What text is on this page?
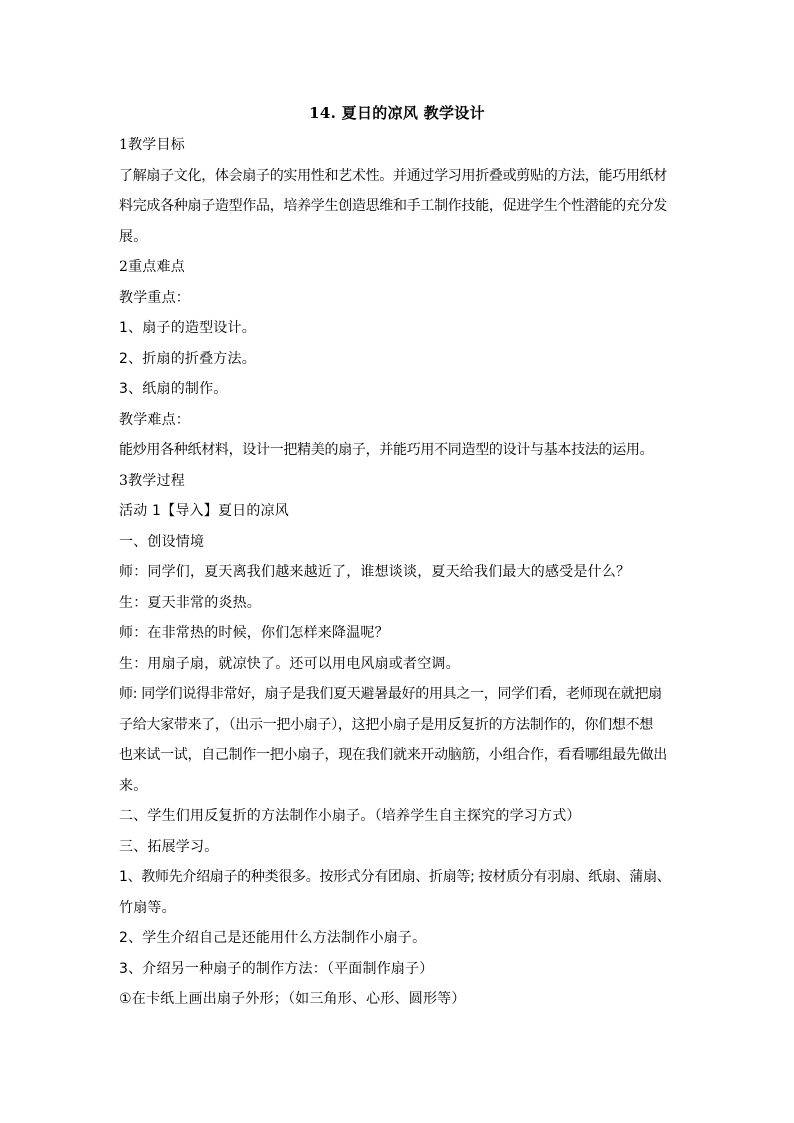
14. 夏日的凉风 教学设计
1教学目标
了解扇子文化，体会扇子的实用性和艺术性。并通过学习用折叠或剪贴的方法，能巧用纸材
料完成各种扇子造型作品，培养学生创造思维和手工制作技能，促进学生个性潜能的充分发
展。
2重点难点
教学重点：
1、扇子的造型设计。
2、折扇的折叠方法。
3、纸扇的制作。
教学难点：
能炒用各种纸材料，设计一把精美的扇子，并能巧用不同造型的设计与基本技法的运用。
3教学过程
活动 1【导入】夏日的凉风
一、创设情境
师：同学们，夏天离我们越来越近了，谁想谈谈，夏天给我们最大的感受是什么？
生：夏天非常的炎热。
师：在非常热的时候，你们怎样来降温呢？
生：用扇子扇，就凉快了。还可以用电风扇或者空调。
师: 同学们说得非常好，扇子是我们夏天避暑最好的用具之一，同学们看，老师现在就把扇
子给大家带来了，（出示一把小扇子），这把小扇子是用反复折的方法制作的，你们想不想
也来试一试，自己制作一把小扇子，现在我们就来开动脑筋，小组合作，看看哪组最先做出
来。
二、学生们用反复折的方法制作小扇子。（培养学生自主探究的学习方式）
三、拓展学习。
1、教师先介绍扇子的种类很多。按形式分有团扇、折扇等; 按材质分有羽扇、纸扇、蒲扇、
竹扇等。
2、学生介绍自己是还能用什么方法制作小扇子。
3、介绍另一种扇子的制作方法：（平面制作扇子）
①在卡纸上画出扇子外形；（如三角形、心形、圆形等）
